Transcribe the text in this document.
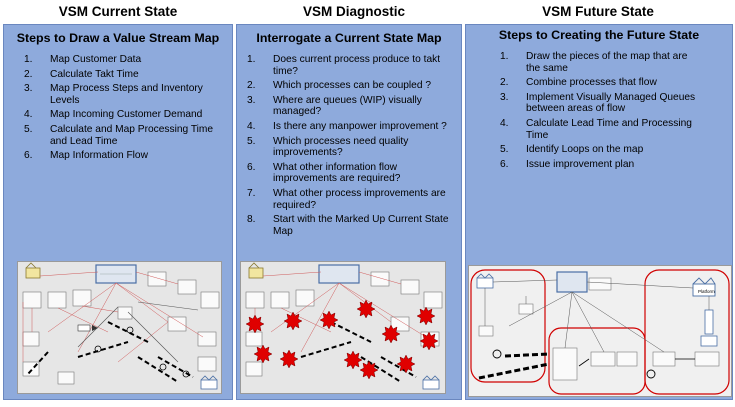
VSM Current State	VSM Diagnostic	VSM Future State
Steps to Draw a Value Stream Map
1. Map Customer Data
2. Calculate Takt Time
3. Map Process Steps and Inventory Levels
4. Map Incoming Customer Demand
5. Calculate and Map Processing Time and Lead Time
6. Map Information Flow
Interrogate a Current State Map
1. Does current process produce to takt time?
2. Which processes can be coupled ?
3. Where are queues (WIP) visually managed?
4. Is there any manpower improvement ?
5. Which processes need quality improvements?
6. What other information flow improvements are required?
7. What other process improvements are required?
8. Start with the Marked Up Current State Map
Steps to Creating the Future State
1. Draw the pieces of the map that are the same
2. Combine processes that flow
3. Implement Visually Managed Queues between areas of flow
4. Calculate Lead Time and Processing Time
5. Identify Loops on the map
6. Issue improvement plan
Platform
